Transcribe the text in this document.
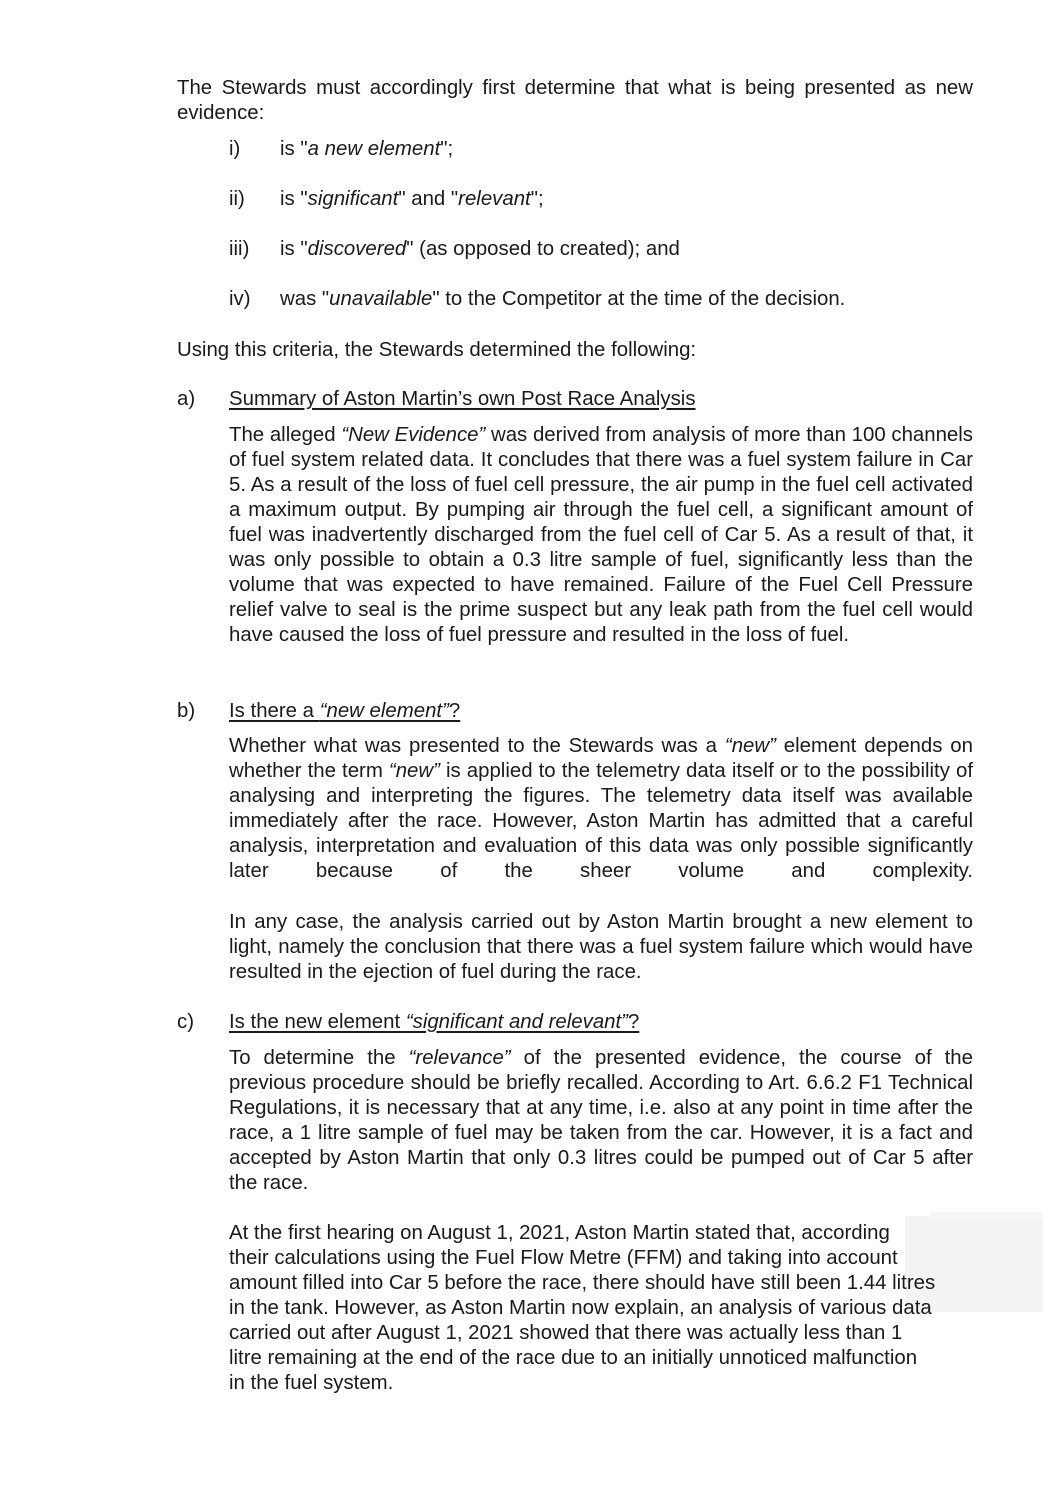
The Stewards must accordingly first determine that what is being presented as new evidence:
i) is "a new element";
ii) is "significant" and "relevant";
iii) is "discovered" (as opposed to created); and
iv) was "unavailable" to the Competitor at the time of the decision.
Using this criteria, the Stewards determined the following:
a) Summary of Aston Martin’s own Post Race Analysis
The alleged “New Evidence” was derived from analysis of more than 100 channels of fuel system related data. It concludes that there was a fuel system failure in Car 5. As a result of the loss of fuel cell pressure, the air pump in the fuel cell activated a maximum output. By pumping air through the fuel cell, a significant amount of fuel was inadvertently discharged from the fuel cell of Car 5. As a result of that, it was only possible to obtain a 0.3 litre sample of fuel, significantly less than the volume that was expected to have remained. Failure of the Fuel Cell Pressure relief valve to seal is the prime suspect but any leak path from the fuel cell would have caused the loss of fuel pressure and resulted in the loss of fuel.
b) Is there a “new element”?
Whether what was presented to the Stewards was a “new” element depends on whether the term “new” is applied to the telemetry data itself or to the possibility of analysing and interpreting the figures. The telemetry data itself was available immediately after the race. However, Aston Martin has admitted that a careful analysis, interpretation and evaluation of this data was only possible significantly later because of the sheer volume and complexity.
In any case, the analysis carried out by Aston Martin brought a new element to light, namely the conclusion that there was a fuel system failure which would have resulted in the ejection of fuel during the race.
c) Is the new element “significant and relevant”?
To determine the “relevance” of the presented evidence, the course of the previous procedure should be briefly recalled. According to Art. 6.6.2 F1 Technical Regulations, it is necessary that at any time, i.e. also at any point in time after the race, a 1 litre sample of fuel may be taken from the car. However, it is a fact and accepted by Aston Martin that only 0.3 litres could be pumped out of Car 5 after the race.
At the first hearing on August 1, 2021, Aston Martin stated that, according
their calculations using the Fuel Flow Metre (FFM) and taking into account
amount filled into Car 5 before the race, there should have still been 1.44 litres
in the tank. However, as Aston Martin now explain, an analysis of various data
carried out after August 1, 2021 showed that there was actually less than 1
litre remaining at the end of the race due to an initially unnoticed malfunction
in the fuel system.
